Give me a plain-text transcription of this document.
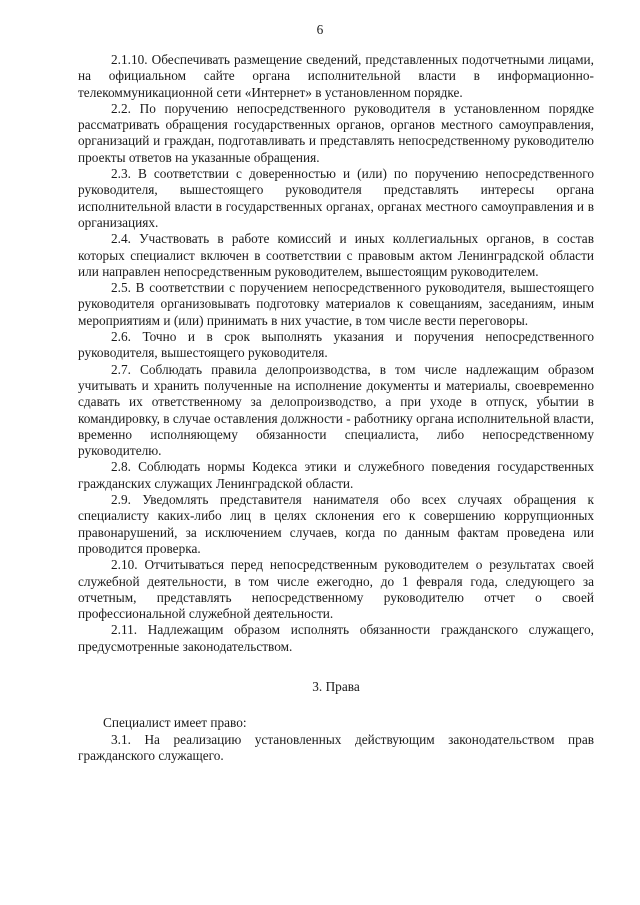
6

2.1.10. Обеспечивать размещение сведений, представленных подотчетными лицами, на официальном сайте органа исполнительной власти в информационно-телекоммуникационной сети «Интернет» в установленном порядке.

2.2. По поручению непосредственного руководителя в установленном порядке рассматривать обращения государственных органов, органов местного самоуправления, организаций и граждан, подготавливать и представлять непосредственному руководителю проекты ответов на указанные обращения.

2.3. В соответствии с доверенностью и (или) по поручению непосредственного руководителя, вышестоящего руководителя представлять интересы органа исполнительной власти в государственных органах, органах местного самоуправления и в организациях.

2.4. Участвовать в работе комиссий и иных коллегиальных органов, в состав которых специалист включен в соответствии с правовым актом Ленинградской области или направлен непосредственным руководителем, вышестоящим руководителем.

2.5. В соответствии с поручением непосредственного руководителя, вышестоящего руководителя организовывать подготовку материалов к совещаниям, заседаниям, иным мероприятиям и (или) принимать в них участие, в том числе вести переговоры.

2.6. Точно и в срок выполнять указания и поручения непосредственного руководителя, вышестоящего руководителя.

2.7. Соблюдать правила делопроизводства, в том числе надлежащим образом учитывать и хранить полученные на исполнение документы и материалы, своевременно сдавать их ответственному за делопроизводство, а при уходе в отпуск, убытии в командировку, в случае оставления должности - работнику органа исполнительной власти, временно исполняющему обязанности специалиста, либо непосредственному руководителю.

2.8. Соблюдать нормы Кодекса этики и служебного поведения государственных гражданских служащих Ленинградской области.

2.9. Уведомлять представителя нанимателя обо всех случаях обращения к специалисту каких-либо лиц в целях склонения его к совершению коррупционных правонарушений, за исключением случаев, когда по данным фактам проведена или проводится проверка.

2.10. Отчитываться перед непосредственным руководителем о результатах своей служебной деятельности, в том числе ежегодно, до 1 февраля года, следующего за отчетным, представлять непосредственному руководителю отчет о своей профессиональной служебной деятельности.

2.11. Надлежащим образом исполнять обязанности гражданского служащего, предусмотренные законодательством.

3. Права

Специалист имеет право:

3.1. На реализацию установленных действующим законодательством прав гражданского служащего.
